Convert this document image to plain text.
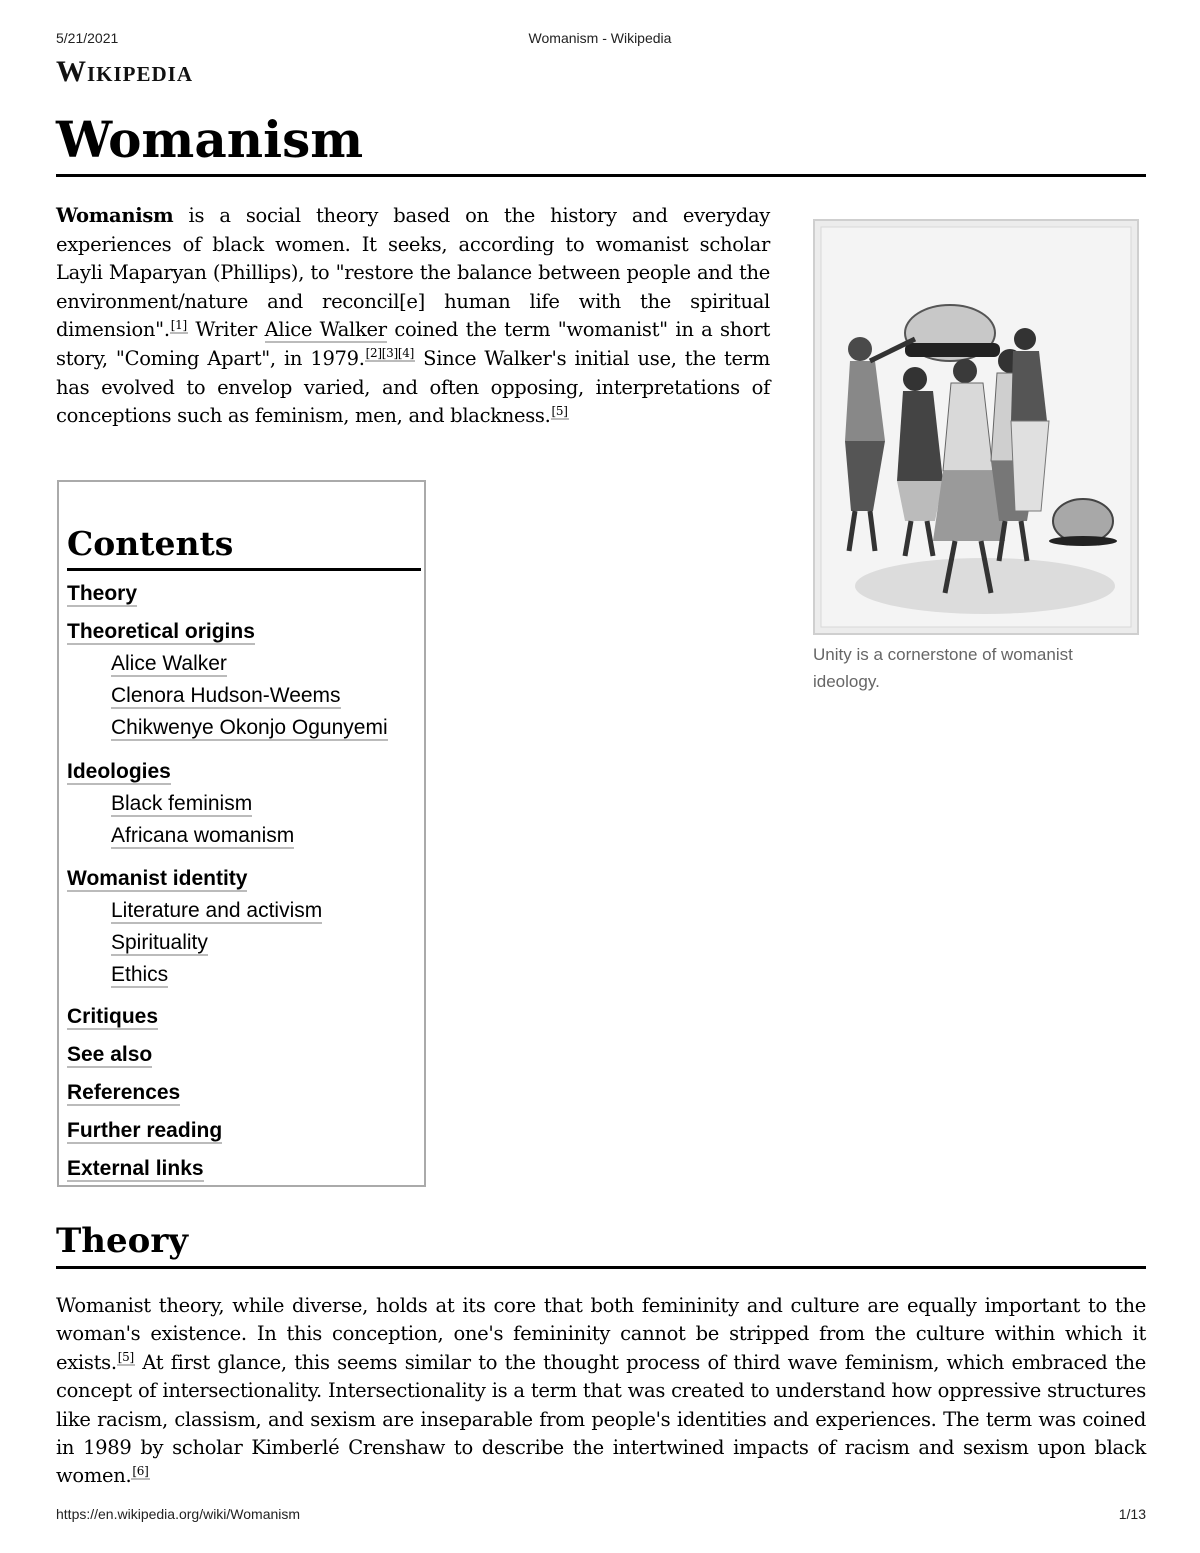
5/21/2021	Womanism - Wikipedia
Wikipedia
Womanism

Womanism is a social theory based on the history and everyday experiences of black women. It seeks, according to womanist scholar Layli Maparyan (Phillips), to "restore the balance between people and the environment/nature and reconcil[e] human life with the spiritual dimension".[1] Writer Alice Walker coined the term "womanist" in a short story, "Coming Apart", in 1979.[2][3][4] Since Walker's initial use, the term has evolved to envelop varied, and often opposing, interpretations of conceptions such as feminism, men, and blackness.[5]

Unity is a cornerstone of womanist ideology.
Contents
Theory
Theoretical origins
Alice Walker
Clenora Hudson-Weems
Chikwenye Okonjo Ogunyemi
Ideologies
Black feminism
Africana womanism
Womanist identity
Literature and activism
Spirituality
Ethics
Critiques
See also
References
Further reading
External links
Theory

Womanist theory, while diverse, holds at its core that both femininity and culture are equally important to the woman's existence. In this conception, one's femininity cannot be stripped from the culture within which it exists.[5] At first glance, this seems similar to the thought process of third wave feminism, which embraced the concept of intersectionality. Intersectionality is a term that was created to understand how oppressive structures like racism, classism, and sexism are inseparable from people's identities and experiences. The term was coined in 1989 by scholar Kimberlé Crenshaw to describe the intertwined impacts of racism and sexism upon black women.[6]

https://en.wikipedia.org/wiki/Womanism	1/13
